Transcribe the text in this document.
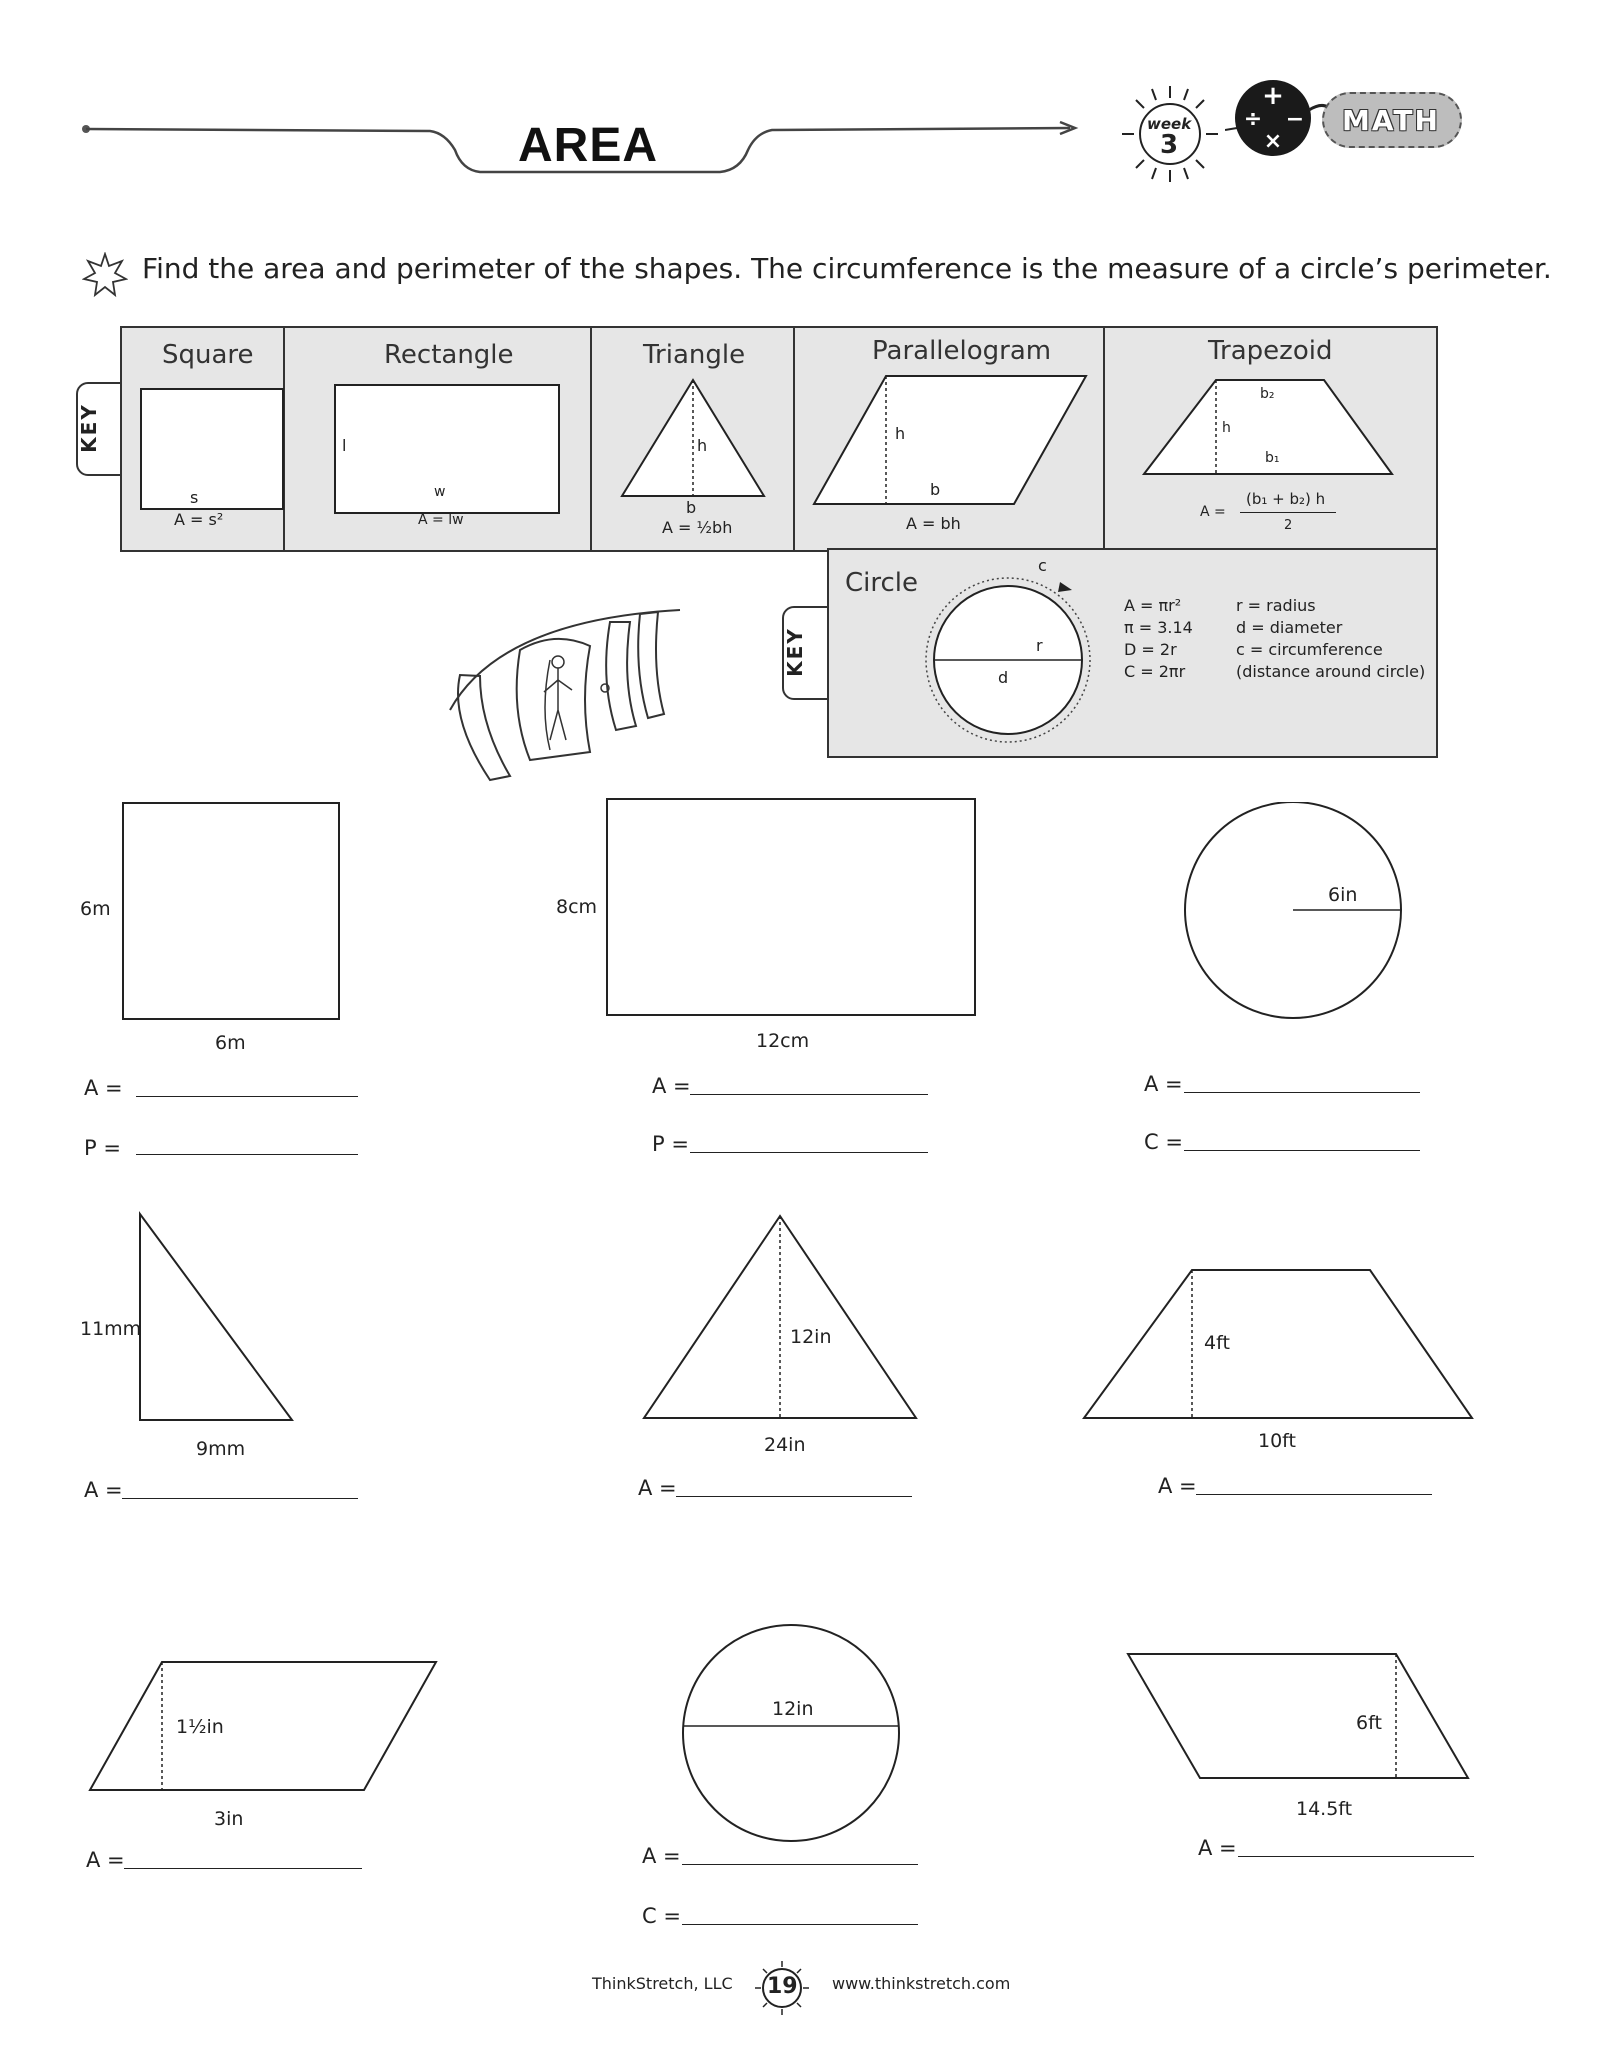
AREA	week
3
+
÷ −
×
MATH
Find the area and perimeter of the shapes. The circumference is the measure of a circle’s perimeter.
KEY
Square
s
A = s²
Rectangle
l
w
A = lw
Triangle
h
b
A = ½bh
Parallelogram
h
b
A = bh
Trapezoid
b₂
h
b₁
A =
(b₁ + b₂) h
2
KEY
Circle
c
r
d
A = πr²
π = 3.14
D = 2r
C = 2πr
r = radius
d = diameter
c = circumference
(distance around circle)
6m
6m
A =
P =
8cm
12cm
A =
P =
6in
A =
C =
11mm
9mm
A =
12in
24in
A =
4ft
10ft
A =
1½in
3in
A =
12in
A =
C =
6ft
14.5ft
A =
ThinkStretch, LLC 19 www.thinkstretch.com
